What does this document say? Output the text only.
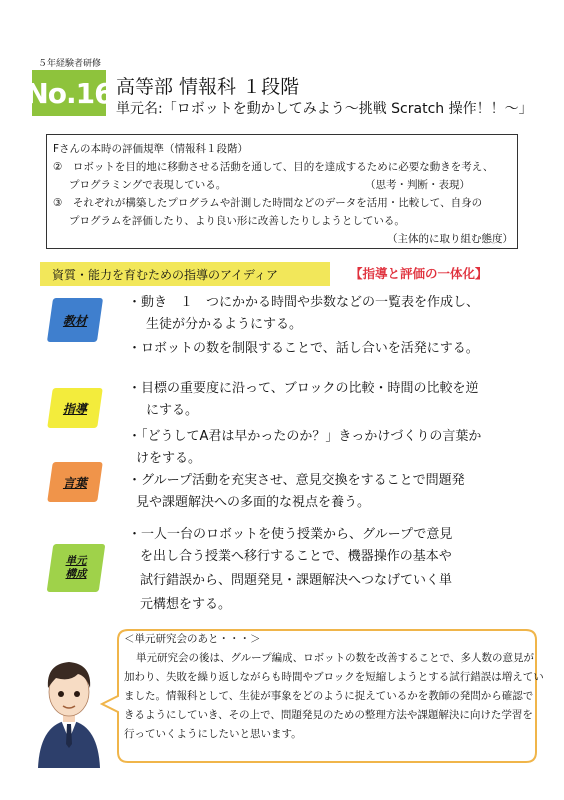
５年経験者研修
No.16 高等部 情報科 １段階
単元名:「ロボットを動かしてみよう～挑戦 Scratch 操作！！～」
Fさんの本時の評価規準（情報科１段階）
②　ロボットを目的地に移動させる活動を通して、目的を達成するために必要な動きを考え、
プログラミングで表現している。	（思考・判断・表現）
③　それぞれが構築したプログラムや計測した時間などのデータを活用・比較して、自身の
プログラムを評価したり、より良い形に改善したりしようとしている。
（主体的に取り組む態度）
資質・能力を育むための指導のアイディア	【指導と評価の一体化】
教材
指導
言葉
単元構成
・動き　１　つにかかる時間や歩数などの一覧表を作成し、
生徒が分かるようにする。
・ロボットの数を制限することで、話し合いを活発にする。
・目標の重要度に沿って、ブロックの比較・時間の比較を逆
にする。
・「どうしてA君は早かったのか？」きっかけづくりの言葉か
けをする。
・グループ活動を充実させ、意見交換をすることで問題発
見や課題解決への多面的な視点を養う。
・一人一台のロボットを使う授業から、グループで意見
を出し合う授業へ移行することで、機器操作の基本や
試行錯誤から、問題発見・課題解決へつなげていく単
元構想をする。
＜単元研究会のあと・・・＞
単元研究会の後は、グループ編成、ロボットの数を改善することで、多人数の意見が
加わり、失敗を繰り返しながらも時間やブロックを短縮しようとする試行錯誤は増えてい
ました。情報科として、生徒が事象をどのように捉えているかを教師の発問から確認で
きるようにしていき、その上で、問題発見のための整理方法や課題解決に向けた学習を
行っていくようにしたいと思います。
